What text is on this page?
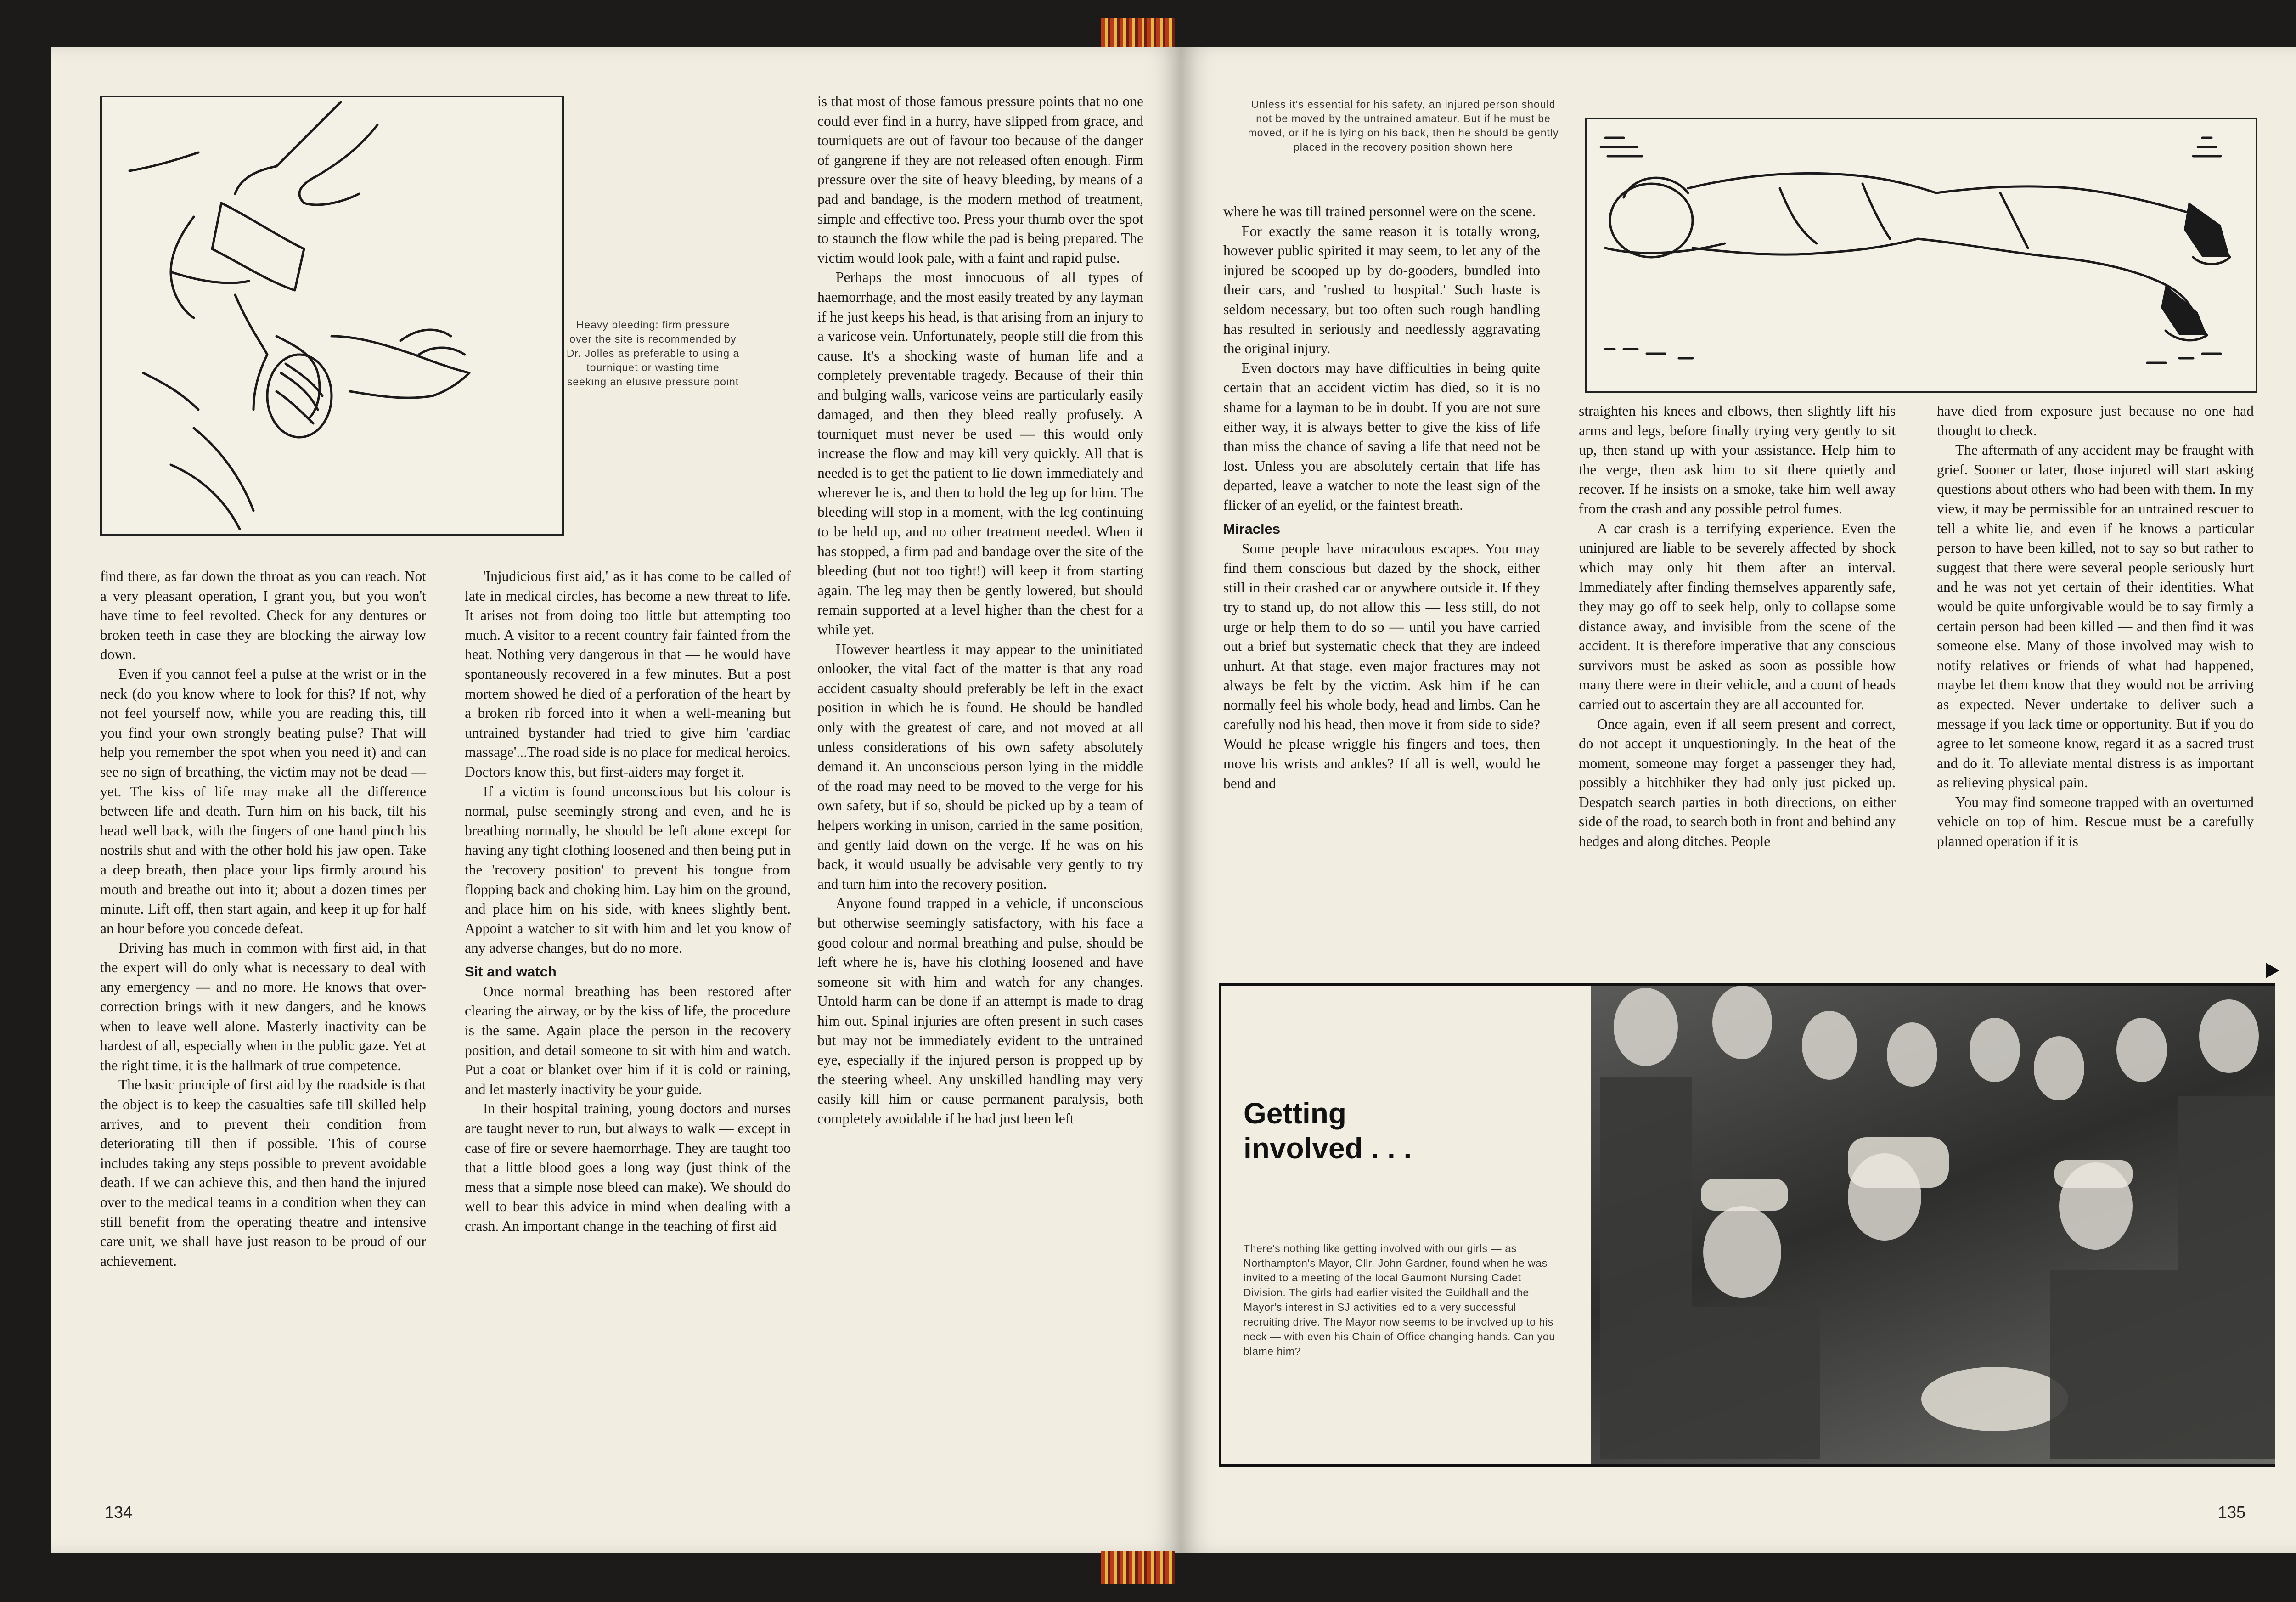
Heavy bleeding: firm pressure over the site is recommended by Dr. Jolles as preferable to using a tourniquet or wasting time seeking an elusive pressure point

find there, as far down the throat as you can reach. Not a very pleasant operation, I grant you, but you won't have time to feel revolted. Check for any dentures or broken teeth in case they are blocking the airway low down.

Even if you cannot feel a pulse at the wrist or in the neck (do you know where to look for this? If not, why not feel yourself now, while you are reading this, till you find your own strongly beating pulse? That will help you remember the spot when you need it) and can see no sign of breathing, the victim may not be dead — yet. The kiss of life may make all the difference between life and death. Turn him on his back, tilt his head well back, with the fingers of one hand pinch his nostrils shut and with the other hold his jaw open. Take a deep breath, then place your lips firmly around his mouth and breathe out into it; about a dozen times per minute. Lift off, then start again, and keep it up for half an hour before you concede defeat.

Driving has much in common with first aid, in that the expert will do only what is necessary to deal with any emergency — and no more. He knows that over-correction brings with it new dangers, and he knows when to leave well alone. Masterly inactivity can be hardest of all, especially when in the public gaze. Yet at the right time, it is the hallmark of true competence.

The basic principle of first aid by the roadside is that the object is to keep the casualties safe till skilled help arrives, and to prevent their condition from deteriorating till then if possible. This of course includes taking any steps possible to prevent avoidable death. If we can achieve this, and then hand the injured over to the medical teams in a condition when they can still benefit from the operating theatre and intensive care unit, we shall have just reason to be proud of our achievement.

'Injudicious first aid,' as it has come to be called of late in medical circles, has become a new threat to life. It arises not from doing too little but attempting too much. A visitor to a recent country fair fainted from the heat. Nothing very dangerous in that — he would have spontaneously recovered in a few minutes. But a post mortem showed he died of a perforation of the heart by a broken rib forced into it when a well-meaning but untrained bystander had tried to give him 'cardiac massage'...The road side is no place for medical heroics. Doctors know this, but first-aiders may forget it.

If a victim is found unconscious but his colour is normal, pulse seemingly strong and even, and he is breathing normally, he should be left alone except for having any tight clothing loosened and then being put in the 'recovery position' to prevent his tongue from flopping back and choking him. Lay him on the ground, and place him on his side, with knees slightly bent. Appoint a watcher to sit with him and let you know of any adverse changes, but do no more.

Sit and watch

Once normal breathing has been restored after clearing the airway, or by the kiss of life, the procedure is the same. Again place the person in the recovery position, and detail someone to sit with him and watch. Put a coat or blanket over him if it is cold or raining, and let masterly inactivity be your guide.

In their hospital training, young doctors and nurses are taught never to run, but always to walk — except in case of fire or severe haemorrhage. They are taught too that a little blood goes a long way (just think of the mess that a simple nose bleed can make). We should do well to bear this advice in mind when dealing with a crash. An important change in the teaching of first aid

is that most of those famous pressure points that no one could ever find in a hurry, have slipped from grace, and tourniquets are out of favour too because of the danger of gangrene if they are not released often enough. Firm pressure over the site of heavy bleeding, by means of a pad and bandage, is the modern method of treatment, simple and effective too. Press your thumb over the spot to staunch the flow while the pad is being prepared. The victim would look pale, with a faint and rapid pulse.

Perhaps the most innocuous of all types of haemorrhage, and the most easily treated by any layman if he just keeps his head, is that arising from an injury to a varicose vein. Unfortunately, people still die from this cause. It's a shocking waste of human life and a completely preventable tragedy. Because of their thin and bulging walls, varicose veins are particularly easily damaged, and then they bleed really profusely. A tourniquet must never be used — this would only increase the flow and may kill very quickly. All that is needed is to get the patient to lie down immediately and wherever he is, and then to hold the leg up for him. The bleeding will stop in a moment, with the leg continuing to be held up, and no other treatment needed. When it has stopped, a firm pad and bandage over the site of the bleeding (but not too tight!) will keep it from starting again. The leg may then be gently lowered, but should remain supported at a level higher than the chest for a while yet.

However heartless it may appear to the uninitiated onlooker, the vital fact of the matter is that any road accident casualty should preferably be left in the exact position in which he is found. He should be handled only with the greatest of care, and not moved at all unless considerations of his own safety absolutely demand it. An unconscious person lying in the middle of the road may need to be moved to the verge for his own safety, but if so, should be picked up by a team of helpers working in unison, carried in the same position, and gently laid down on the verge. If he was on his back, it would usually be advisable very gently to try and turn him into the recovery position.

Anyone found trapped in a vehicle, if unconscious but otherwise seemingly satisfactory, with his face a good colour and normal breathing and pulse, should be left where he is, have his clothing loosened and have someone sit with him and watch for any changes. Untold harm can be done if an attempt is made to drag him out. Spinal injuries are often present in such cases but may not be immediately evident to the untrained eye, especially if the injured person is propped up by the steering wheel. Any unskilled handling may very easily kill him or cause permanent paralysis, both completely avoidable if he had just been left

134
Unless it's essential for his safety, an injured person should not be moved by the untrained amateur. But if he must be moved, or if he is lying on his back, then he should be gently placed in the recovery position shown here

where he was till trained personnel were on the scene.

For exactly the same reason it is totally wrong, however public spirited it may seem, to let any of the injured be scooped up by do-gooders, bundled into their cars, and 'rushed to hospital.' Such haste is seldom necessary, but too often such rough handling has resulted in seriously and needlessly aggravating the original injury.

Even doctors may have difficulties in being quite certain that an accident victim has died, so it is no shame for a layman to be in doubt. If you are not sure either way, it is always better to give the kiss of life than miss the chance of saving a life that need not be lost. Unless you are absolutely certain that life has departed, leave a watcher to note the least sign of the flicker of an eyelid, or the faintest breath.

Miracles

Some people have miraculous escapes. You may find them conscious but dazed by the shock, either still in their crashed car or anywhere outside it. If they try to stand up, do not allow this — less still, do not urge or help them to do so — until you have carried out a brief but systematic check that they are indeed unhurt. At that stage, even major fractures may not always be felt by the victim. Ask him if he can normally feel his whole body, head and limbs. Can he carefully nod his head, then move it from side to side? Would he please wriggle his fingers and toes, then move his wrists and ankles? If all is well, would he bend and

straighten his knees and elbows, then slightly lift his arms and legs, before finally trying very gently to sit up, then stand up with your assistance. Help him to the verge, then ask him to sit there quietly and recover. If he insists on a smoke, take him well away from the crash and any possible petrol fumes.

A car crash is a terrifying experience. Even the uninjured are liable to be severely affected by shock which may only hit them after an interval. Immediately after finding themselves apparently safe, they may go off to seek help, only to collapse some distance away, and invisible from the scene of the accident. It is therefore imperative that any conscious survivors must be asked as soon as possible how many there were in their vehicle, and a count of heads carried out to ascertain they are all accounted for.

Once again, even if all seem present and correct, do not accept it unquestioningly. In the heat of the moment, someone may forget a passenger they had, possibly a hitchhiker they had only just picked up. Despatch search parties in both directions, on either side of the road, to search both in front and behind any hedges and along ditches. People

have died from exposure just because no one had thought to check.

The aftermath of any accident may be fraught with grief. Sooner or later, those injured will start asking questions about others who had been with them. In my view, it may be permissible for an untrained rescuer to tell a white lie, and even if he knows a particular person to have been killed, not to say so but rather to suggest that there were several people seriously hurt and he was not yet certain of their identities. What would be quite unforgivable would be to say firmly a certain person had been killed — and then find it was someone else. Many of those involved may wish to notify relatives or friends of what had happened, maybe let them know that they would not be arriving as expected. Never undertake to deliver such a message if you lack time or opportunity. But if you do agree to let someone know, regard it as a sacred trust and do it. To alleviate mental distress is as important as relieving physical pain.

You may find someone trapped with an overturned vehicle on top of him. Rescue must be a carefully planned operation if it is

Getting
involved . . .
There's nothing like getting involved with our girls — as Northampton's Mayor, Cllr. John Gardner, found when he was invited to a meeting of the local Gaumont Nursing Cadet Division. The girls had earlier visited the Guildhall and the Mayor's interest in SJ activities led to a very successful recruiting drive. The Mayor now seems to be involved up to his neck — with even his Chain of Office changing hands. Can you blame him?
135
